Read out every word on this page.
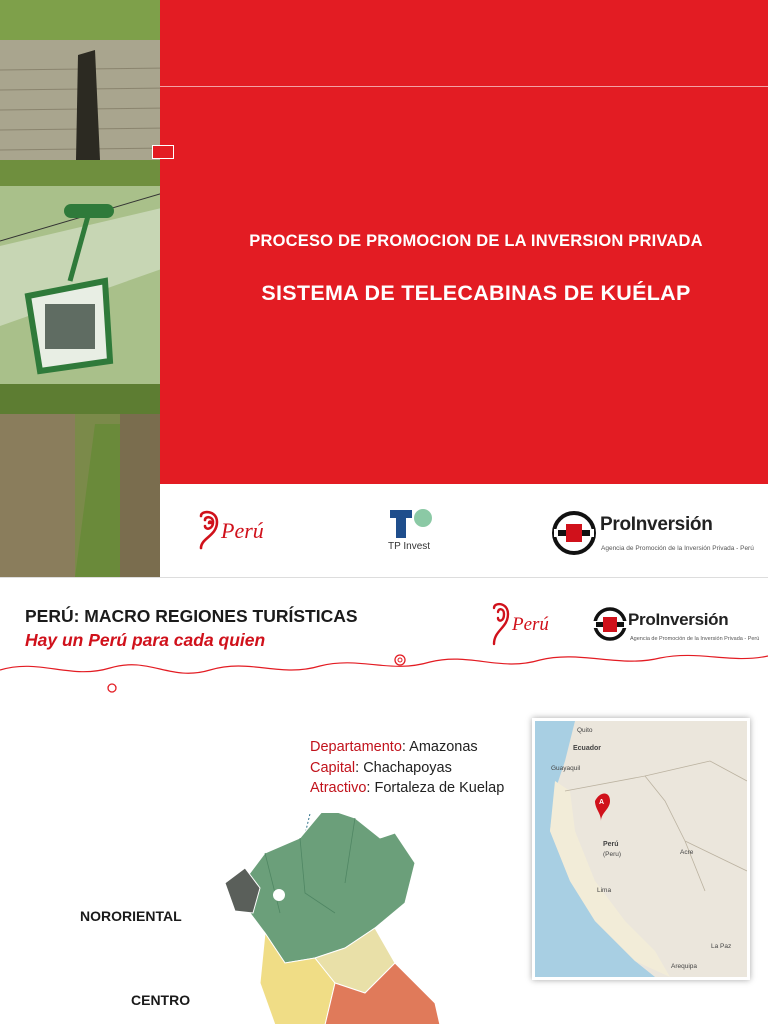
PROCESO DE PROMOCION DE LA INVERSION PRIVADA
SISTEMA DE TELECABINAS DE KUÉLAP
Perú
TP Invest
ProInversión
Agencia de Promoción de la Inversión Privada - Perú
PERÚ: MACRO REGIONES TURÍSTICAS
Hay un Perú para cada quien
Perú	ProInversión
Agencia de Promoción de la Inversión Privada - Perú
Departamento: Amazonas
Capital: Chachapoyas
Atractivo: Fortaleza de Kuelap
NORORIENTAL
CENTRO
Quito
Ecuador
Guayaquil
A
Acre
Perú
(Peru)
Lima
La Paz
Arequipa
